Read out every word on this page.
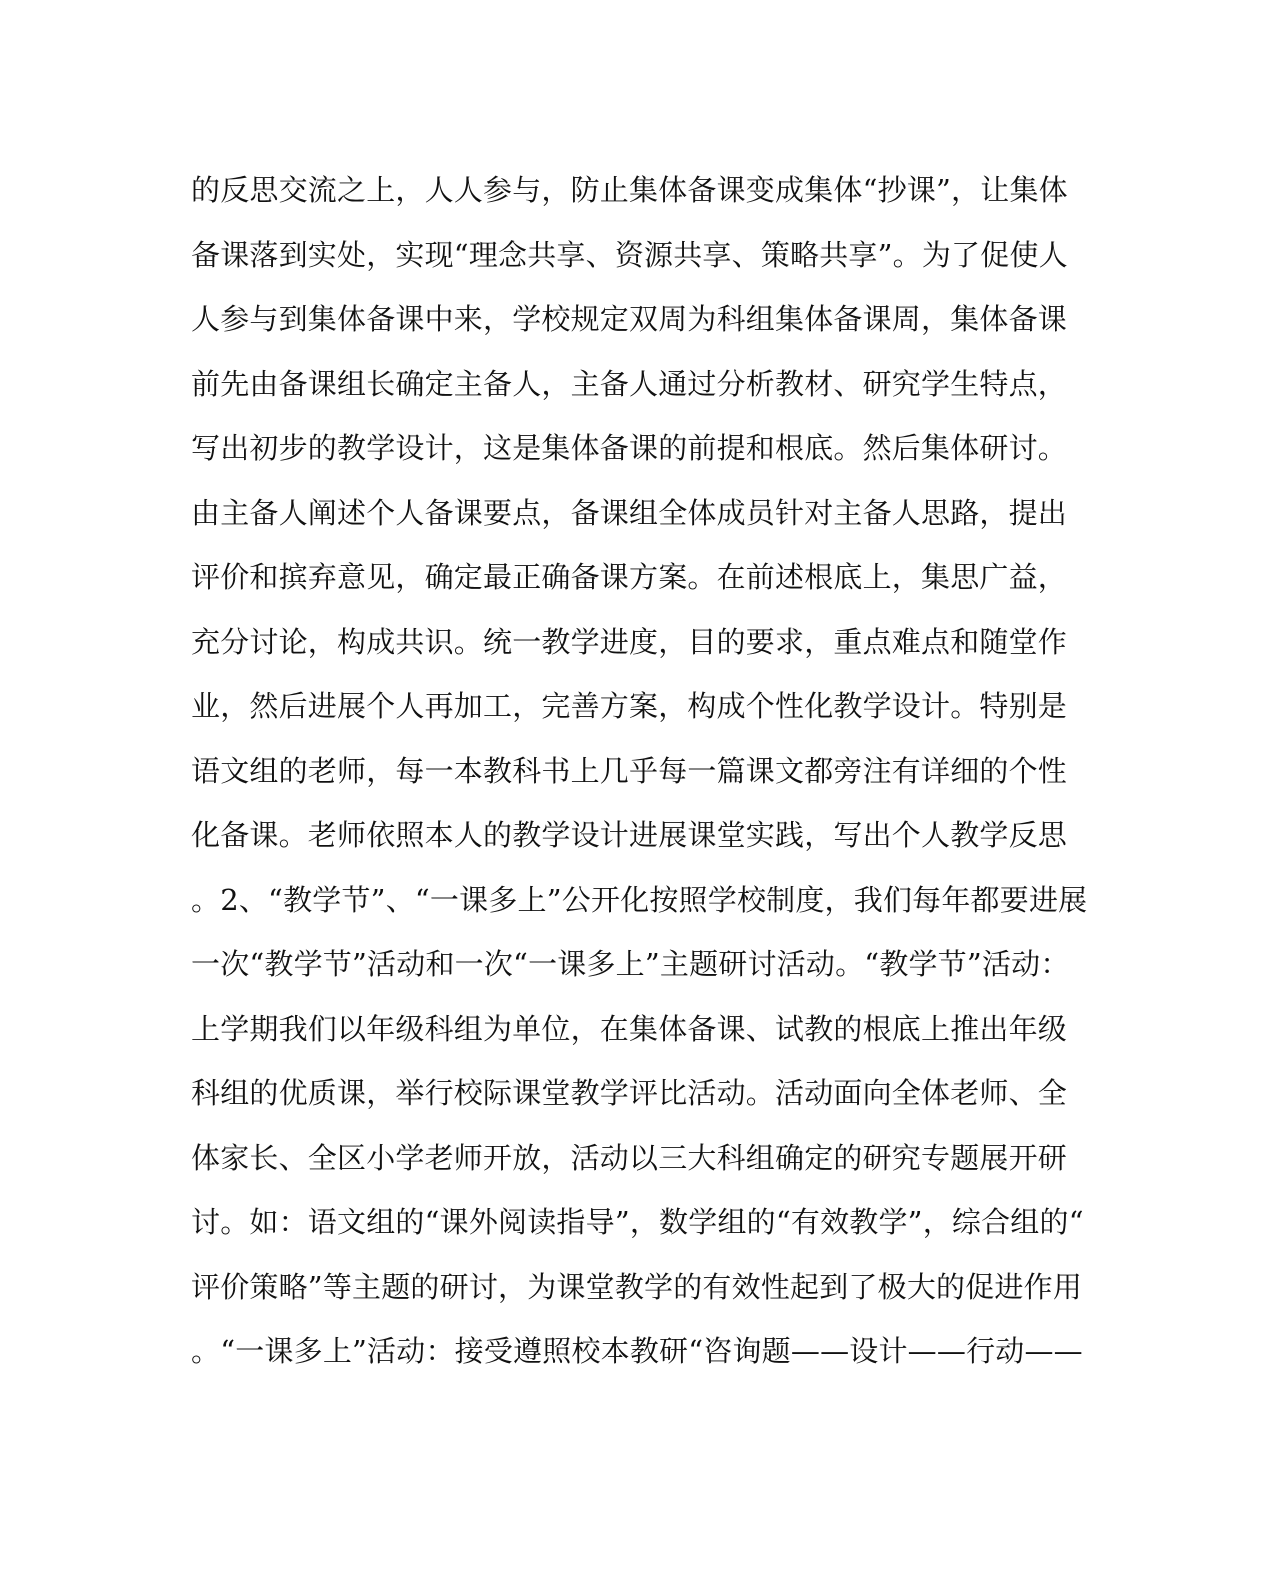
的反思交流之上，人人参与，防止集体备课变成集体“抄课”，让集体
备课落到实处，实现“理念共享、资源共享、策略共享”。为了促使人
人参与到集体备课中来，学校规定双周为科组集体备课周，集体备课
前先由备课组长确定主备人，主备人通过分析教材、研究学生特点，
写出初步的教学设计，这是集体备课的前提和根底。然后集体研讨。
由主备人阐述个人备课要点，备课组全体成员针对主备人思路，提出
评价和摈弃意见，确定最正确备课方案。在前述根底上，集思广益，
充分讨论，构成共识。统一教学进度，目的要求，重点难点和随堂作
业，然后进展个人再加工，完善方案，构成个性化教学设计。特别是
语文组的老师，每一本教科书上几乎每一篇课文都旁注有详细的个性
化备课。老师依照本人的教学设计进展课堂实践，写出个人教学反思
。2、“教学节”、“一课多上”公开化按照学校制度，我们每年都要进展
一次“教学节”活动和一次“一课多上”主题研讨活动。“教学节”活动：
上学期我们以年级科组为单位，在集体备课、试教的根底上推出年级
科组的优质课，举行校际课堂教学评比活动。活动面向全体老师、全
体家长、全区小学老师开放，活动以三大科组确定的研究专题展开研
讨。如：语文组的“课外阅读指导”，数学组的“有效教学”，综合组的“
评价策略”等主题的研讨，为课堂教学的有效性起到了极大的促进作用
。“一课多上”活动：接受遵照校本教研“咨询题——设计——行动——
